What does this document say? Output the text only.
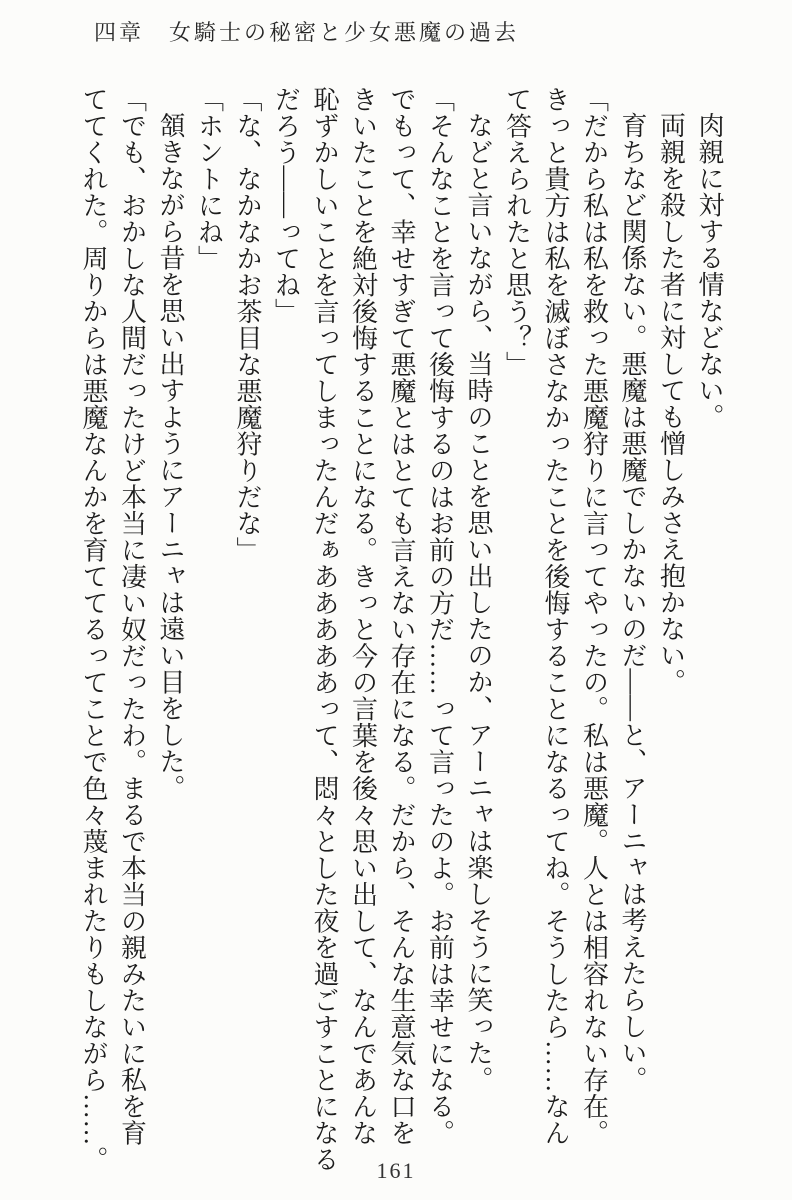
四章　女騎士の秘密と少女悪魔の過去
肉親に対する情などない。
両親を殺した者に対しても憎しみさえ抱かない。
育ちなど関係ない。悪魔は悪魔でしかないのだ――と、アーニャは考えたらしい。
「だから私は私を救った悪魔狩りに言ってやったの。私は悪魔。人とは相容れない存在。
きっと貴方は私を滅ぼさなかったことを後悔することになるってね。そうしたら……なん
て答えられたと思う？」
などと言いながら、当時のことを思い出したのか、アーニャは楽しそうに笑った。
「そんなことを言って後悔するのはお前の方だ……って言ったのよ。お前は幸せになる。
でもって、幸せすぎて悪魔とはとても言えない存在になる。だから、そんな生意気な口を
きいたことを絶対後悔することになる。きっと今の言葉を後々思い出して、なんであんな
恥ずかしいことを言ってしまったんだぁあああああって、悶々とした夜を過ごすことになる
だろう――ってね」
「な、なかなかお茶目な悪魔狩りだな」
「ホントにね」
頷きながら昔を思い出すようにアーニャは遠い目をした。
「でも、おかしな人間だったけど本当に凄い奴だったわ。まるで本当の親みたいに私を育
ててくれた。周りからは悪魔なんかを育ててるってことで色々蔑まれたりもしながら……。	161
